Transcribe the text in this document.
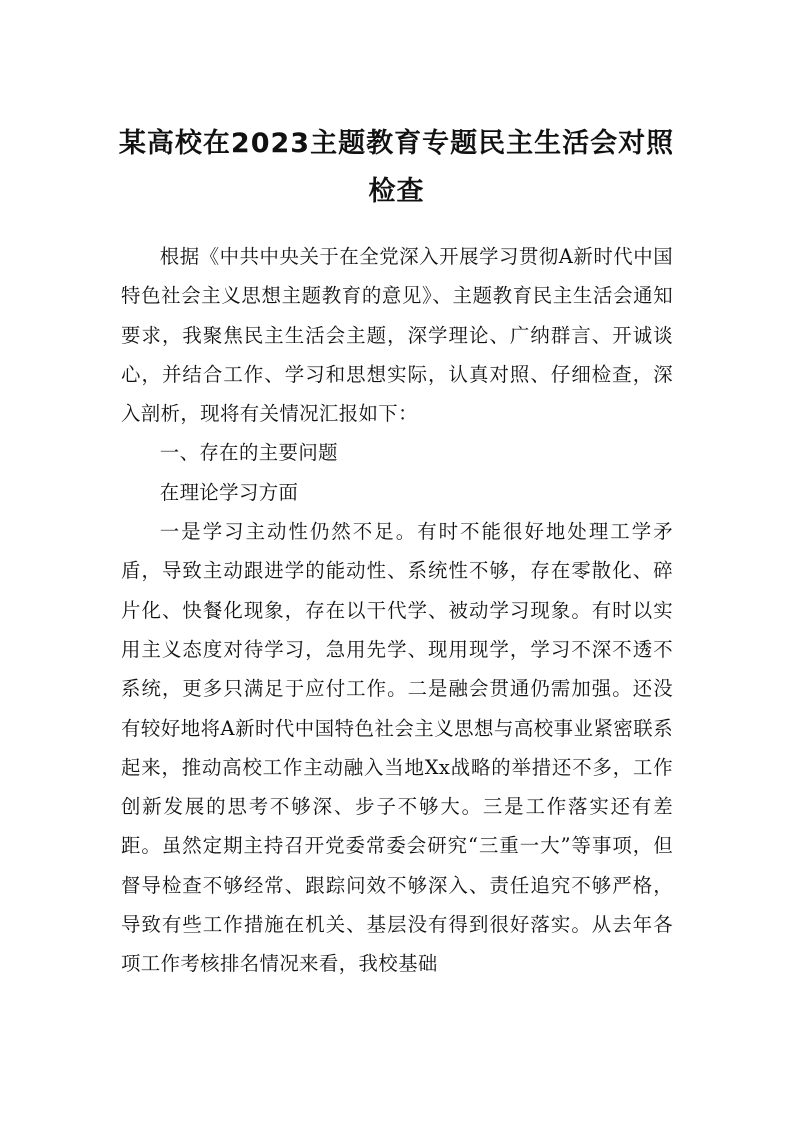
某高校在2023主题教育专题民主生活会对照检查

根据《中共中央关于在全党深入开展学习贯彻A新时代中国特色社会主义思想主题教育的意见》、主题教育民主生活会通知要求，我聚焦民主生活会主题，深学理论、广纳群言、开诚谈心，并结合工作、学习和思想实际，认真对照、仔细检查，深入剖析，现将有关情况汇报如下：

一、存在的主要问题

在理论学习方面

一是学习主动性仍然不足。有时不能很好地处理工学矛盾，导致主动跟进学的能动性、系统性不够，存在零散化、碎片化、快餐化现象，存在以干代学、被动学习现象。有时以实用主义态度对待学习，急用先学、现用现学，学习不深不透不系统，更多只满足于应付工作。二是融会贯通仍需加强。还没有较好地将A新时代中国特色社会主义思想与高校事业紧密联系起来，推动高校工作主动融入当地Xx战略的举措还不多，工作创新发展的思考不够深、步子不够大。三是工作落实还有差距。虽然定期主持召开党委常委会研究“三重一大”等事项，但督导检查不够经常、跟踪问效不够深入、责任追究不够严格，导致有些工作措施在机关、基层没有得到很好落实。从去年各项工作考核排名情况来看，我校基础
